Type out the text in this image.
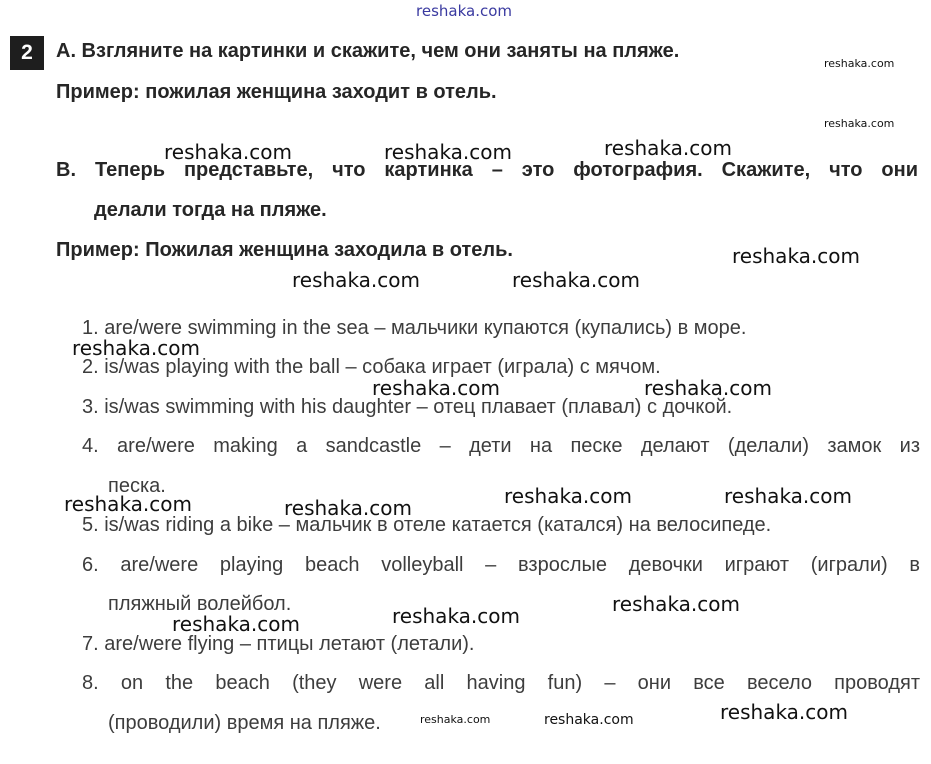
reshaka.com
2	A. Взгляните на картинки и скажите, чем они заняты на пляже.
Пример: пожилая женщина заходит в отель.
B. Теперь представьте, что картинка – это фотография. Скажите, что они
делали тогда на пляже.
Пример: Пожилая женщина заходила в отель.
1. are/were swimming in the sea – мальчики купаются (купались) в море.
2. is/was playing with the ball – собака играет (играла) с мячом.
3. is/was swimming with his daughter – отец плавает (плавал) с дочкой.
4. are/were making a sandcastle – дети на песке делают (делали) замок из
песка.
5. is/was riding a bike – мальчик в отеле катается (катался) на велосипеде.
6. are/were playing beach volleyball – взрослые девочки играют (играли) в
пляжный волейбол.
7. are/were flying – птицы летают (летали).
8. on the beach (they were all having fun) – они все весело проводят
(проводили) время на пляже.
reshaka.com
reshaka.com
reshaka.com	reshaka.com	reshaka.com
reshaka.com
reshaka.com	reshaka.com
reshaka.com
reshaka.com	reshaka.com
reshaka.com	reshaka.com	reshaka.com	reshaka.com
reshaka.com	reshaka.com
reshaka.com
reshaka.com
reshaka.com
reshaka.com
